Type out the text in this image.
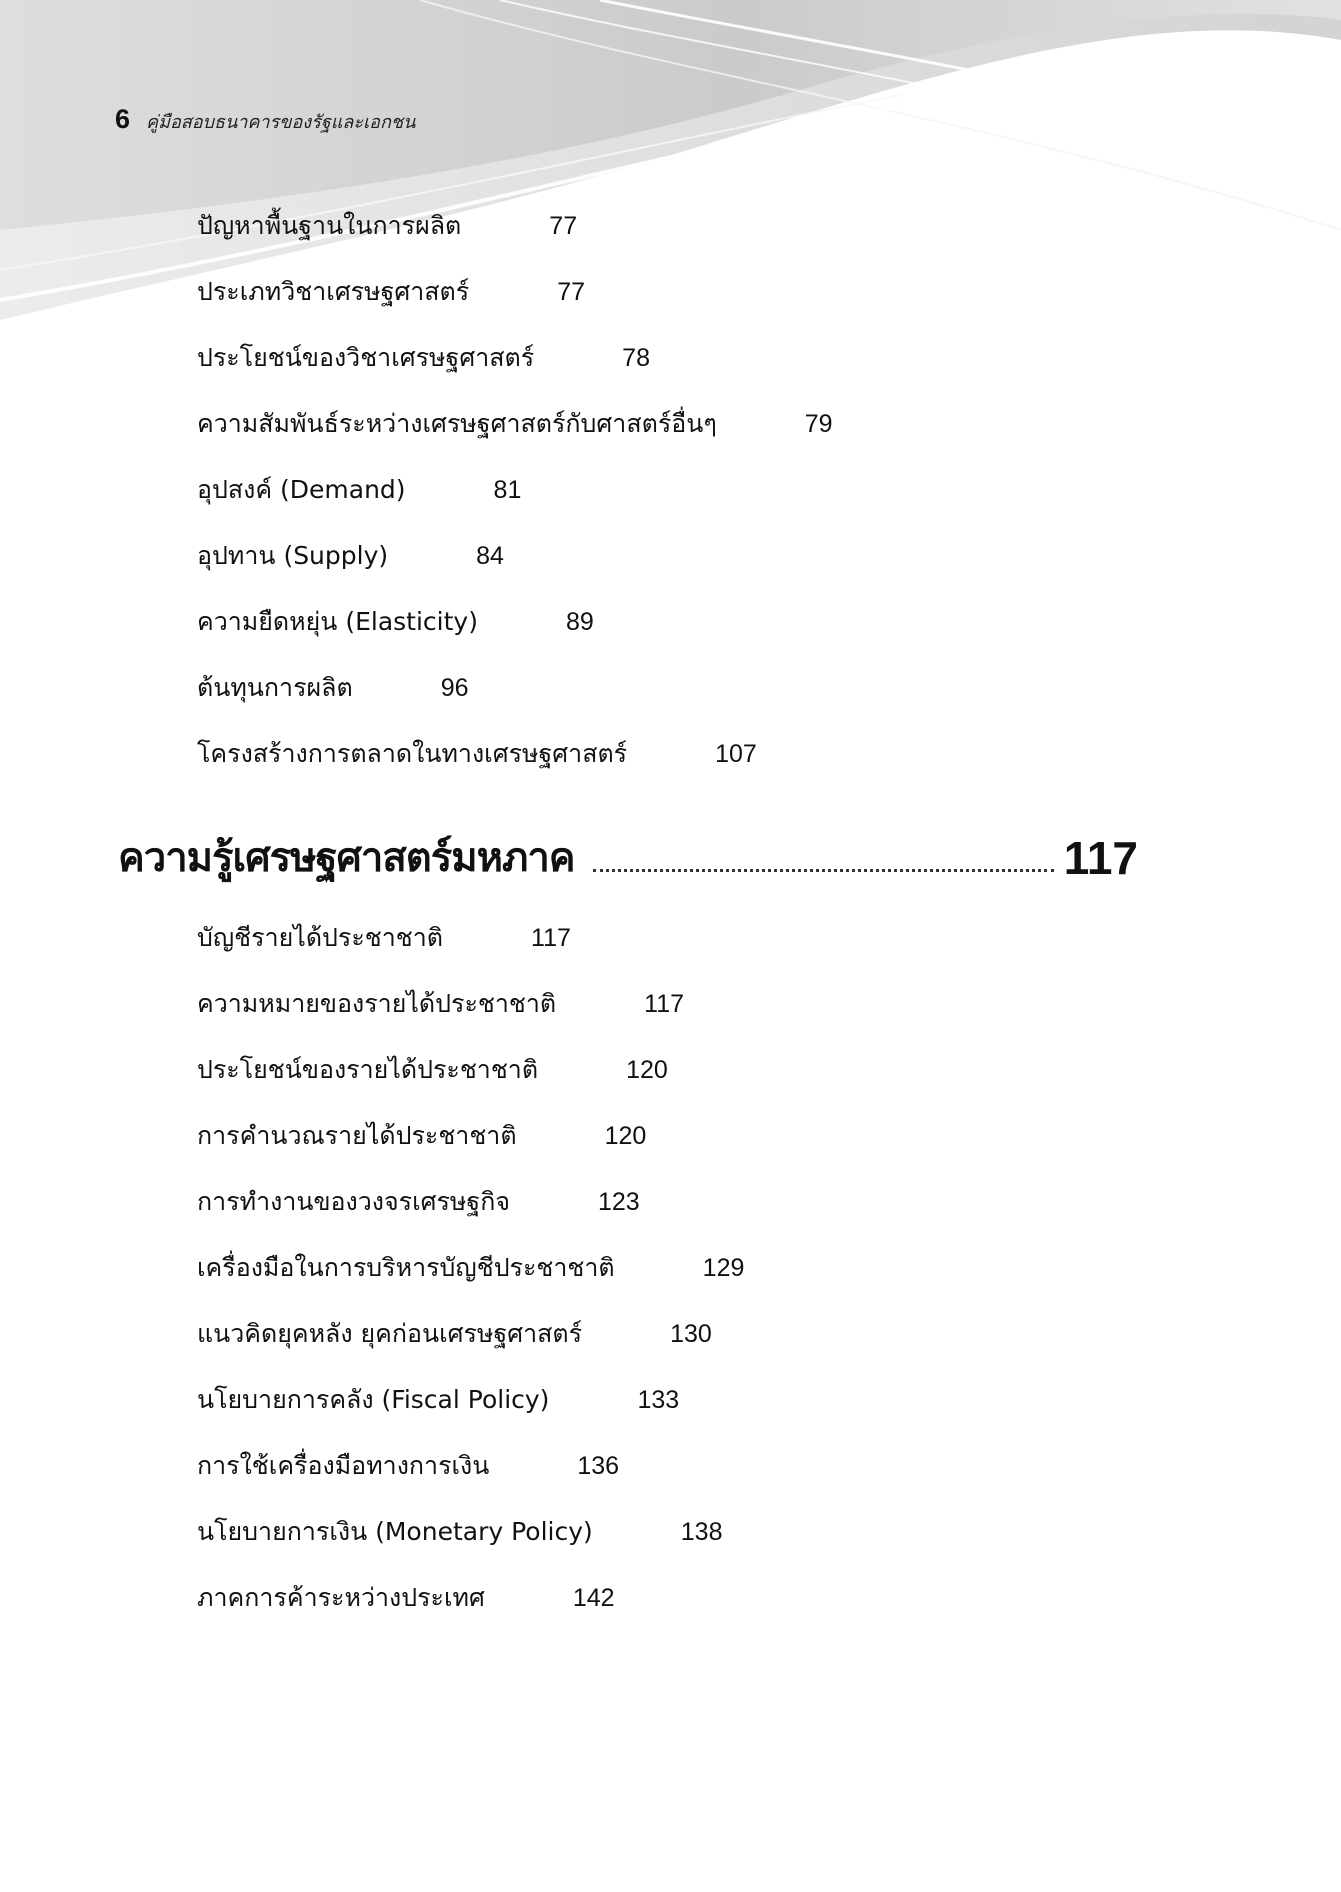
6 คู่มือสอบธนาคารของรัฐและเอกชน
ปัญหาพื้นฐานในการผลิต	77
ประเภทวิชาเศรษฐศาสตร์	77
ประโยชน์ของวิชาเศรษฐศาสตร์	78
ความสัมพันธ์ระหว่างเศรษฐศาสตร์กับศาสตร์อื่นๆ	79
อุปสงค์ (Demand)	81
อุปทาน (Supply)	84
ความยืดหยุ่น (Elasticity)	89
ต้นทุนการผลิต	96
โครงสร้างการตลาดในทางเศรษฐศาสตร์	107
ความรู้เศรษฐศาสตร์มหภาค	117
บัญชีรายได้ประชาชาติ	117
ความหมายของรายได้ประชาชาติ	117
ประโยชน์ของรายได้ประชาชาติ	120
การคำนวณรายได้ประชาชาติ	120
การทำงานของวงจรเศรษฐกิจ	123
เครื่องมือในการบริหารบัญชีประชาชาติ	129
แนวคิดยุคหลัง ยุคก่อนเศรษฐศาสตร์	130
นโยบายการคลัง (Fiscal Policy)	133
การใช้เครื่องมือทางการเงิน	136
นโยบายการเงิน (Monetary Policy)	138
ภาคการค้าระหว่างประเทศ	142
